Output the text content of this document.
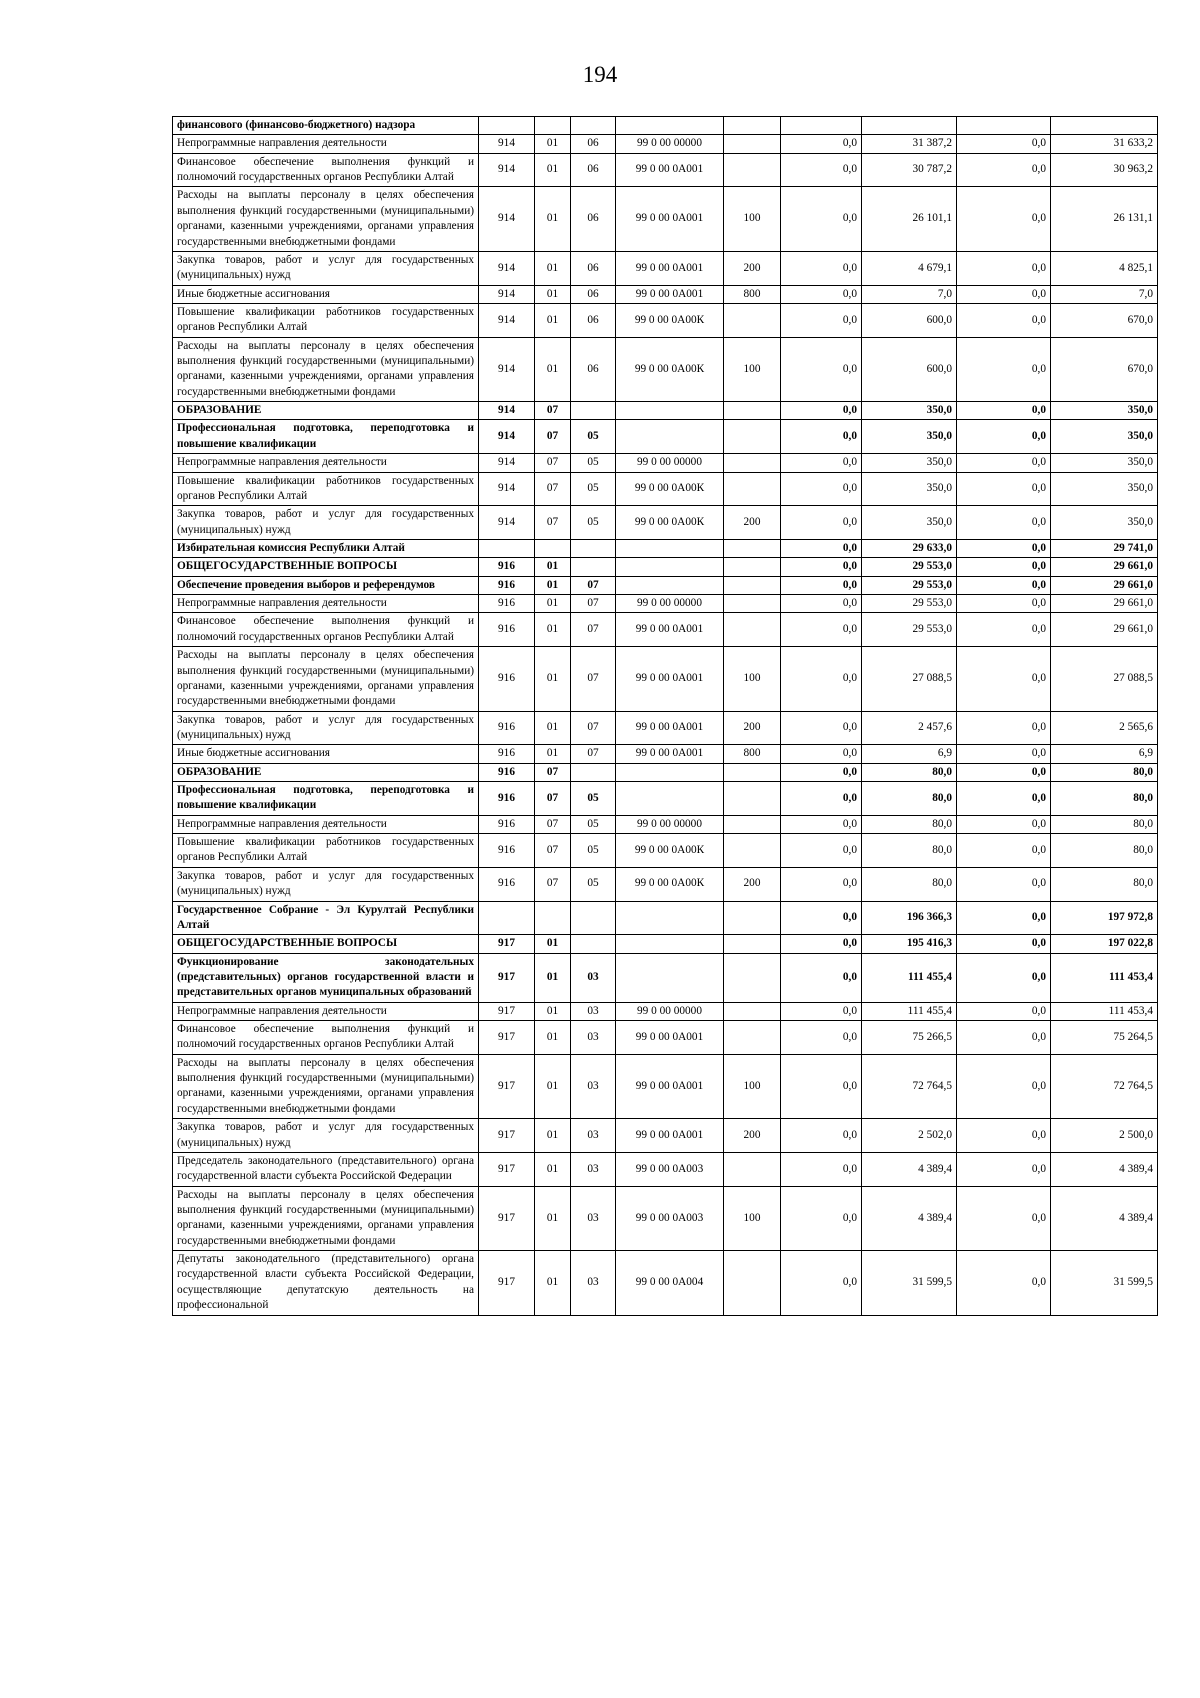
194
финансового (финансово-бюджетного) надзора									
Непрограммные направления деятельности	914	01	06	99 0 00 00000		0,0	31 387,2	0,0	31 633,2
Финансовое обеспечение выполнения функций и полномочий государственных органов Республики Алтай	914	01	06	99 0 00 0А001		0,0	30 787,2	0,0	30 963,2
Расходы на выплаты персоналу в целях обеспечения выполнения функций государственными (муниципальными) органами, казенными учреждениями, органами управления государственными внебюджетными фондами	914	01	06	99 0 00 0А001	100	0,0	26 101,1	0,0	26 131,1
Закупка товаров, работ и услуг для государственных (муниципальных) нужд	914	01	06	99 0 00 0А001	200	0,0	4 679,1	0,0	4 825,1
Иные бюджетные ассигнования	914	01	06	99 0 00 0А001	800	0,0	7,0	0,0	7,0
Повышение квалификации работников государственных органов Республики Алтай	914	01	06	99 0 00 0А00К		0,0	600,0	0,0	670,0
Расходы на выплаты персоналу в целях обеспечения выполнения функций государственными (муниципальными) органами, казенными учреждениями, органами управления государственными внебюджетными фондами	914	01	06	99 0 00 0А00К	100	0,0	600,0	0,0	670,0
ОБРАЗОВАНИЕ	914	07				0,0	350,0	0,0	350,0
Профессиональная подготовка, переподготовка и повышение квалификации	914	07	05			0,0	350,0	0,0	350,0
Непрограммные направления деятельности	914	07	05	99 0 00 00000		0,0	350,0	0,0	350,0
Повышение квалификации работников государственных органов Республики Алтай	914	07	05	99 0 00 0А00К		0,0	350,0	0,0	350,0
Закупка товаров, работ и услуг для государственных (муниципальных) нужд	914	07	05	99 0 00 0А00К	200	0,0	350,0	0,0	350,0
Избирательная комиссия Республики Алтай						0,0	29 633,0	0,0	29 741,0
ОБЩЕГОСУДАРСТВЕННЫЕ ВОПРОСЫ	916	01				0,0	29 553,0	0,0	29 661,0
Обеспечение проведения выборов и референдумов	916	01	07			0,0	29 553,0	0,0	29 661,0
Непрограммные направления деятельности	916	01	07	99 0 00 00000		0,0	29 553,0	0,0	29 661,0
Финансовое обеспечение выполнения функций и полномочий государственных органов Республики Алтай	916	01	07	99 0 00 0А001		0,0	29 553,0	0,0	29 661,0
Расходы на выплаты персоналу в целях обеспечения выполнения функций государственными (муниципальными) органами, казенными учреждениями, органами управления государственными внебюджетными фондами	916	01	07	99 0 00 0А001	100	0,0	27 088,5	0,0	27 088,5
Закупка товаров, работ и услуг для государственных (муниципальных) нужд	916	01	07	99 0 00 0А001	200	0,0	2 457,6	0,0	2 565,6
Иные бюджетные ассигнования	916	01	07	99 0 00 0А001	800	0,0	6,9	0,0	6,9
ОБРАЗОВАНИЕ	916	07				0,0	80,0	0,0	80,0
Профессиональная подготовка, переподготовка и повышение квалификации	916	07	05			0,0	80,0	0,0	80,0
Непрограммные направления деятельности	916	07	05	99 0 00 00000		0,0	80,0	0,0	80,0
Повышение квалификации работников государственных органов Республики Алтай	916	07	05	99 0 00 0А00К		0,0	80,0	0,0	80,0
Закупка товаров, работ и услуг для государственных (муниципальных) нужд	916	07	05	99 0 00 0А00К	200	0,0	80,0	0,0	80,0
Государственное Собрание - Эл Курултай Республики Алтай						0,0	196 366,3	0,0	197 972,8
ОБЩЕГОСУДАРСТВЕННЫЕ ВОПРОСЫ	917	01				0,0	195 416,3	0,0	197 022,8
Функционирование законодательных (представительных) органов государственной власти и представительных органов муниципальных образований	917	01	03			0,0	111 455,4	0,0	111 453,4
Непрограммные направления деятельности	917	01	03	99 0 00 00000		0,0	111 455,4	0,0	111 453,4
Финансовое обеспечение выполнения функций и полномочий государственных органов Республики Алтай	917	01	03	99 0 00 0А001		0,0	75 266,5	0,0	75 264,5
Расходы на выплаты персоналу в целях обеспечения выполнения функций государственными (муниципальными) органами, казенными учреждениями, органами управления государственными внебюджетными фондами	917	01	03	99 0 00 0А001	100	0,0	72 764,5	0,0	72 764,5
Закупка товаров, работ и услуг для государственных (муниципальных) нужд	917	01	03	99 0 00 0А001	200	0,0	2 502,0	0,0	2 500,0
Председатель законодательного (представительного) органа государственной власти субъекта Российской Федерации	917	01	03	99 0 00 0А003		0,0	4 389,4	0,0	4 389,4
Расходы на выплаты персоналу в целях обеспечения выполнения функций государственными (муниципальными) органами, казенными учреждениями, органами управления государственными внебюджетными фондами	917	01	03	99 0 00 0А003	100	0,0	4 389,4	0,0	4 389,4
Депутаты законодательного (представительного) органа государственной власти субъекта Российской Федерации, осуществляющие депутатскую деятельность на профессиональной	917	01	03	99 0 00 0А004		0,0	31 599,5	0,0	31 599,5
